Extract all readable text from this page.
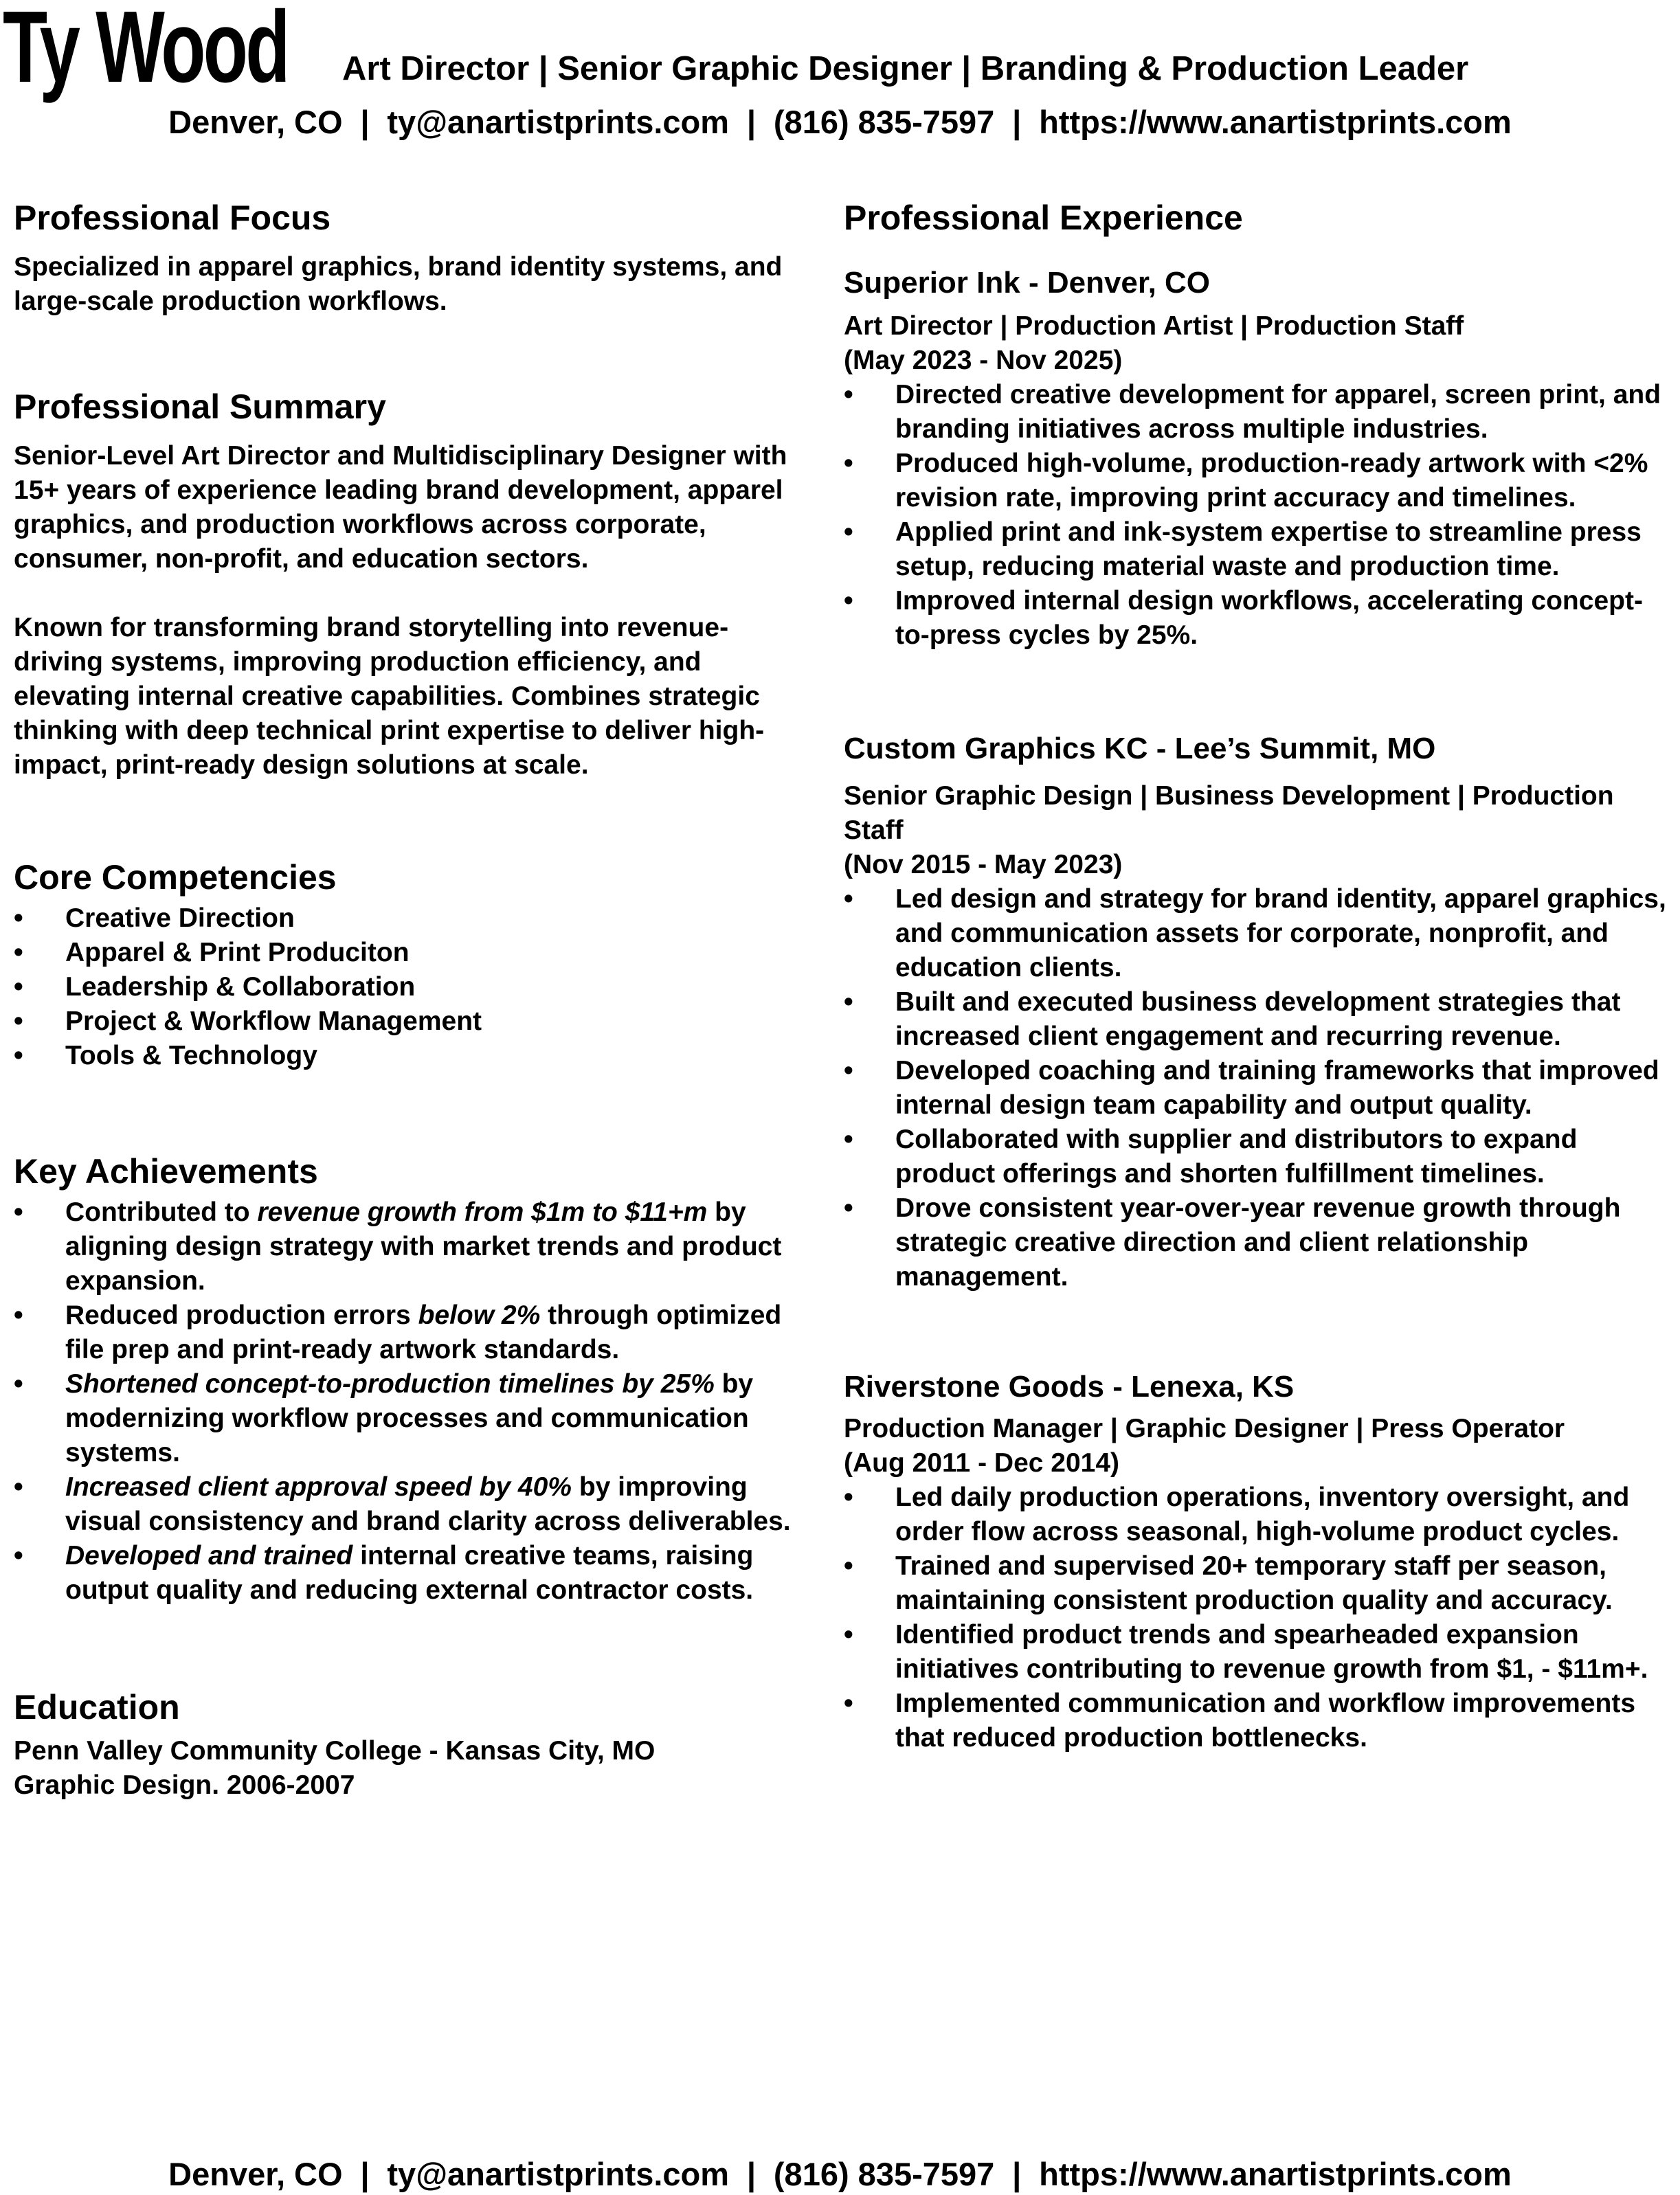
Ty Wood Art Director | Senior Graphic Designer | Branding & Production Leader
Denver, CO | ty@anartistprints.com | (816) 835-7597 | https://www.anartistprints.com
Professional Focus

Specialized in apparel graphics, brand identity systems, and large-scale production workflows.

Professional Summary

Senior-Level Art Director and Multidisciplinary Designer with 15+ years of experience leading brand development, apparel graphics, and production workflows across corporate, consumer, non-profit, and education sectors.

Known for transforming brand storytelling into revenue-driving systems, improving production efficiency, and elevating internal creative capabilities. Combines strategic thinking with deep technical print expertise to deliver high-impact, print-ready design solutions at scale.

Core Competencies
• Creative Direction
• Apparel & Print Produciton
• Leadership & Collaboration
• Project & Workflow Management
• Tools & Technology
Key Achievements
• Contributed to revenue growth from $1m to $11+m by aligning design strategy with market trends and product expansion.
• Reduced production errors below 2% through optimized file prep and print-ready artwork standards.
• Shortened concept-to-production timelines by 25% by modernizing workflow processes and communication systems.
• Increased client approval speed by 40% by improving visual consistency and brand clarity across deliverables.
• Developed and trained internal creative teams, raising output quality and reducing external contractor costs.
Education

Penn Valley Community College - Kansas City, MO

Graphic Design. 2006-2007

Professional Experience
Superior Ink - Denver, CO

Art Director | Production Artist | Production Staff

(May 2023 - Nov 2025)

• Directed creative development for apparel, screen print, and branding initiatives across multiple industries.
• Produced high-volume, production-ready artwork with <2% revision rate, improving print accuracy and timelines.
• Applied print and ink-system expertise to streamline press setup, reducing material waste and production time.
• Improved internal design workflows, accelerating concept-to-press cycles by 25%.
Custom Graphics KC - Lee’s Summit, MO

Senior Graphic Design | Business Development | Production Staff

(Nov 2015 - May 2023)

• Led design and strategy for brand identity, apparel graphics, and communication assets for corporate, nonprofit, and education clients.
• Built and executed business development strategies that increased client engagement and recurring revenue.
• Developed coaching and training frameworks that improved internal design team capability and output quality.
• Collaborated with supplier and distributors to expand product offerings and shorten fulfillment timelines.
• Drove consistent year-over-year revenue growth through strategic creative direction and client relationship management.
Riverstone Goods - Lenexa, KS

Production Manager | Graphic Designer | Press Operator

(Aug 2011 - Dec 2014)

• Led daily production operations, inventory oversight, and order flow across seasonal, high-volume product cycles.
• Trained and supervised 20+ temporary staff per season, maintaining consistent production quality and accuracy.
• Identified product trends and spearheaded expansion initiatives contributing to revenue growth from $1, - $11m+.
• Implemented communication and workflow improvements that reduced production bottlenecks.
Denver, CO | ty@anartistprints.com | (816) 835-7597 | https://www.anartistprints.com
